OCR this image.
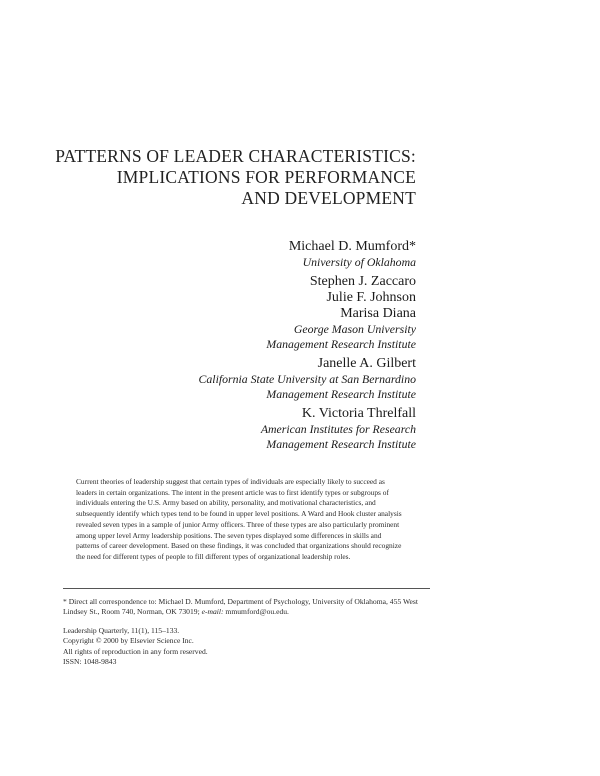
PATTERNS OF LEADER CHARACTERISTICS:
IMPLICATIONS FOR PERFORMANCE
AND DEVELOPMENT
Michael D. Mumford*
University of Oklahoma
Stephen J. Zaccaro
Julie F. Johnson
Marisa Diana
George Mason University
Management Research Institute
Janelle A. Gilbert
California State University at San Bernardino
Management Research Institute
K. Victoria Threlfall
American Institutes for Research
Management Research Institute

Current theories of leadership suggest that certain types of individuals are especially likely to succeed as leaders in certain organizations. The intent in the present article was to first identify types or subgroups of individuals entering the U.S. Army based on ability, personality, and motivational characteristics, and subsequently identify which types tend to be found in upper level positions. A Ward and Hook cluster analysis revealed seven types in a sample of junior Army officers. Three of these types are also particularly prominent among upper level Army leadership positions. The seven types displayed some differences in skills and patterns of career development. Based on these findings, it was concluded that organizations should recognize the need for different types of people to fill different types of organizational leadership roles.

* Direct all correspondence to: Michael D. Mumford, Department of Psychology, University of Oklahoma, 455 West Lindsey St., Room 740, Norman, OK 73019; e-mail: mmumford@ou.edu.
Leadership Quarterly, 11(1), 115–133.
Copyright © 2000 by Elsevier Science Inc.
All rights of reproduction in any form reserved.
ISSN: 1048-9843
